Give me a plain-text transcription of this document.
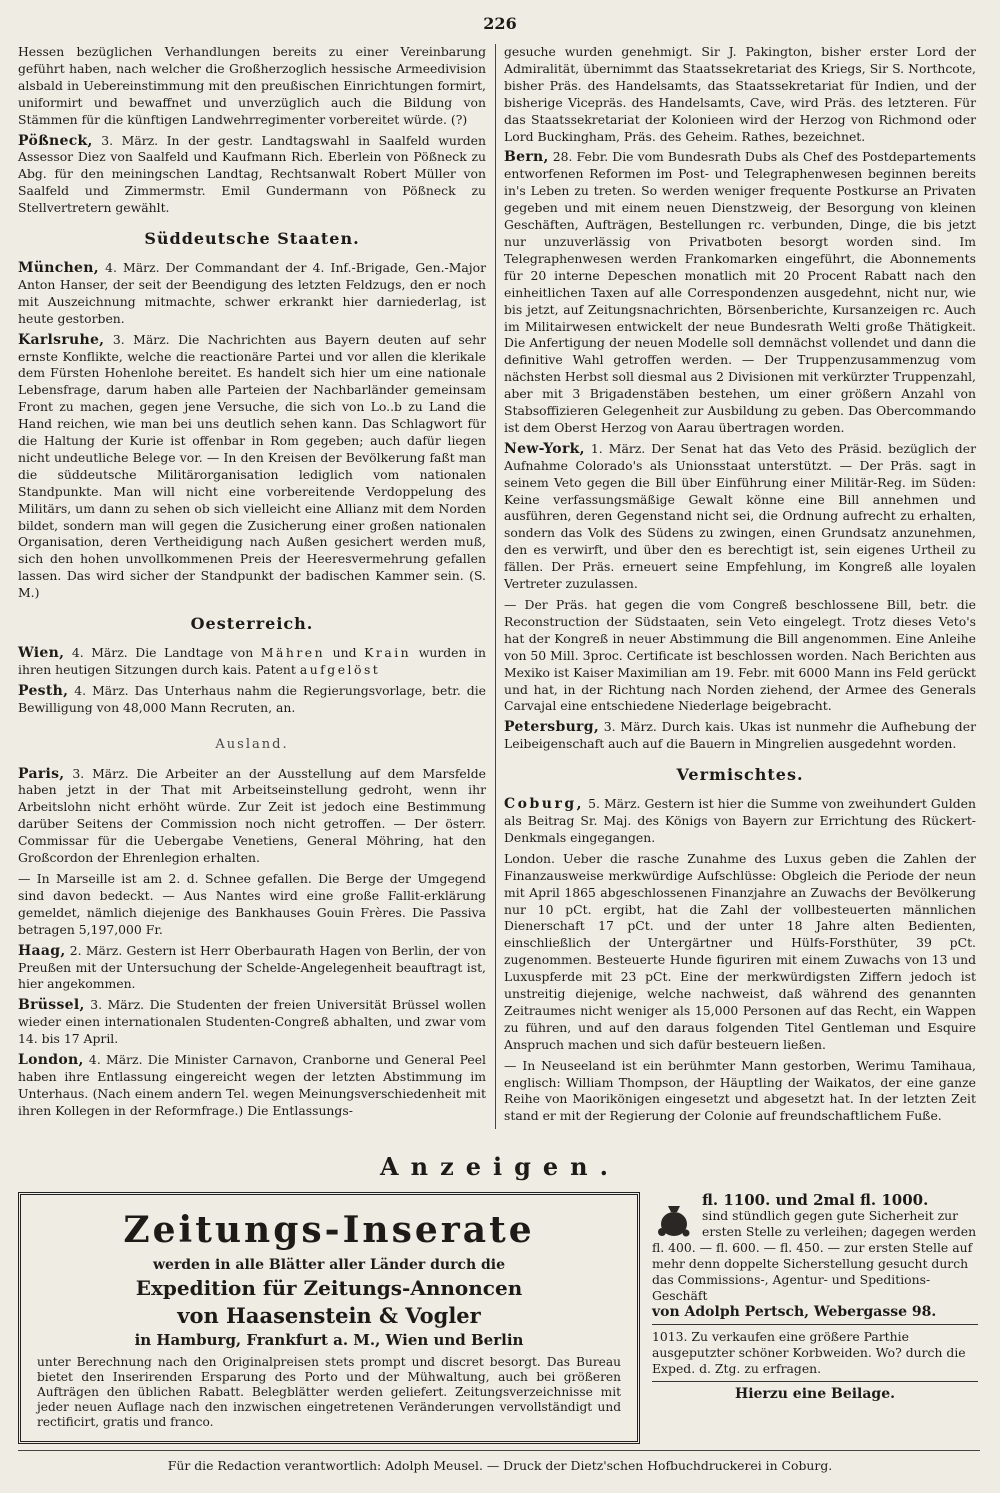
226

Hessen bezüglichen Verhandlungen bereits zu einer Vereinbarung geführt haben, nach welcher die Großherzoglich hessische Armeedivision alsbald in Uebereinstimmung mit den preußischen Einrichtungen formirt, uniformirt und bewaffnet und unverzüglich auch die Bildung von Stämmen für die künftigen Landwehrregimenter vorbereitet würde. (?)

Pößneck, 3. März. In der gestr. Landtagswahl in Saalfeld wurden Assessor Diez von Saalfeld und Kaufmann Rich. Eberlein von Pößneck zu Abg. für den meiningschen Landtag, Rechtsanwalt Robert Müller von Saalfeld und Zimmermstr. Emil Gundermann von Pößneck zu Stellvertretern gewählt.

Süddeutsche Staaten.

München, 4. März. Der Commandant der 4. Inf.-Brigade, Gen.-Major Anton Hanser, der seit der Beendigung des letzten Feldzugs, den er noch mit Auszeichnung mitmachte, schwer erkrankt hier darniederlag, ist heute gestorben.

Karlsruhe, 3. März. Die Nachrichten aus Bayern deuten auf sehr ernste Konflikte, welche die reactionäre Partei und vor allen die klerikale dem Fürsten Hohenlohe bereitet. Es handelt sich hier um eine nationale Lebensfrage, darum haben alle Parteien der Nachbarländer gemeinsam Front zu machen, gegen jene Versuche, die sich von Lo..b zu Land die Hand reichen, wie man bei uns deutlich sehen kann. Das Schlagwort für die Haltung der Kurie ist offenbar in Rom gegeben; auch dafür liegen nicht undeutliche Belege vor. — In den Kreisen der Bevölkerung faßt man die süddeutsche Militärorganisation lediglich vom nationalen Standpunkte. Man will nicht eine vorbereitende Verdoppelung des Militärs, um dann zu sehen ob sich vielleicht eine Allianz mit dem Norden bildet, sondern man will gegen die Zusicherung einer großen nationalen Organisation, deren Vertheidigung nach Außen gesichert werden muß, sich den hohen unvollkommenen Preis der Heeresvermehrung gefallen lassen. Das wird sicher der Standpunkt der badischen Kammer sein. (S. M.)

Oesterreich.

Wien, 4. März. Die Landtage von Mähren und Krain wurden in ihren heutigen Sitzungen durch kais. Patent aufgelöst

Pesth, 4. März. Das Unterhaus nahm die Regierungsvorlage, betr. die Bewilligung von 48,000 Mann Recruten, an.

Ausland.

Paris, 3. März. Die Arbeiter an der Ausstellung auf dem Marsfelde haben jetzt in der That mit Arbeitseinstellung gedroht, wenn ihr Arbeitslohn nicht erhöht würde. Zur Zeit ist jedoch eine Bestimmung darüber Seitens der Commission noch nicht getroffen. — Der österr. Commissar für die Uebergabe Venetiens, General Möhring, hat den Großcordon der Ehrenlegion erhalten.

— In Marseille ist am 2. d. Schnee gefallen. Die Berge der Umgegend sind davon bedeckt. — Aus Nantes wird eine große Fallit-erklärung gemeldet, nämlich diejenige des Bankhauses Gouin Frères. Die Passiva betragen 5,197,000 Fr.

Haag, 2. März. Gestern ist Herr Oberbaurath Hagen von Berlin, der von Preußen mit der Untersuchung der Schelde-Angelegenheit beauftragt ist, hier angekommen.

Brüssel, 3. März. Die Studenten der freien Universität Brüssel wollen wieder einen internationalen Studenten-Congreß abhalten, und zwar vom 14. bis 17 April.

London, 4. März. Die Minister Carnavon, Cranborne und General Peel haben ihre Entlassung eingereicht wegen der letzten Abstimmung im Unterhaus. (Nach einem andern Tel. wegen Meinungsverschiedenheit mit ihren Kollegen in der Reformfrage.) Die Entlassungs-

gesuche wurden genehmigt. Sir J. Pakington, bisher erster Lord der Admiralität, übernimmt das Staatssekretariat des Kriegs, Sir S. Northcote, bisher Präs. des Handelsamts, das Staatssekretariat für Indien, und der bisherige Vicepräs. des Handelsamts, Cave, wird Präs. des letzteren. Für das Staatssekretariat der Kolonieen wird der Herzog von Richmond oder Lord Buckingham, Präs. des Geheim. Rathes, bezeichnet.

Bern, 28. Febr. Die vom Bundesrath Dubs als Chef des Postdepartements entworfenen Reformen im Post- und Telegraphenwesen beginnen bereits in's Leben zu treten. So werden weniger frequente Postkurse an Privaten gegeben und mit einem neuen Dienstzweig, der Besorgung von kleinen Geschäften, Aufträgen, Bestellungen rc. verbunden, Dinge, die bis jetzt nur unzuverlässig von Privatboten besorgt worden sind. Im Telegraphenwesen werden Frankomarken eingeführt, die Abonnements für 20 interne Depeschen monatlich mit 20 Procent Rabatt nach den einheitlichen Taxen auf alle Correspondenzen ausgedehnt, nicht nur, wie bis jetzt, auf Zeitungsnachrichten, Börsenberichte, Kursanzeigen rc. Auch im Militairwesen entwickelt der neue Bundesrath Welti große Thätigkeit. Die Anfertigung der neuen Modelle soll demnächst vollendet und dann die definitive Wahl getroffen werden. — Der Truppenzusammenzug vom nächsten Herbst soll diesmal aus 2 Divisionen mit verkürzter Truppenzahl, aber mit 3 Brigadenstäben bestehen, um einer größern Anzahl von Stabsoffizieren Gelegenheit zur Ausbildung zu geben. Das Obercommando ist dem Oberst Herzog von Aarau übertragen worden.

New-York, 1. März. Der Senat hat das Veto des Präsid. bezüglich der Aufnahme Colorado's als Unionsstaat unterstützt. — Der Präs. sagt in seinem Veto gegen die Bill über Einführung einer Militär-Reg. im Süden: Keine verfassungsmäßige Gewalt könne eine Bill annehmen und ausführen, deren Gegenstand nicht sei, die Ordnung aufrecht zu erhalten, sondern das Volk des Südens zu zwingen, einen Grundsatz anzunehmen, den es verwirft, und über den es berechtigt ist, sein eigenes Urtheil zu fällen. Der Präs. erneuert seine Empfehlung, im Kongreß alle loyalen Vertreter zuzulassen.

— Der Präs. hat gegen die vom Congreß beschlossene Bill, betr. die Reconstruction der Südstaaten, sein Veto eingelegt. Trotz dieses Veto's hat der Kongreß in neuer Abstimmung die Bill angenommen. Eine Anleihe von 50 Mill. 3proc. Certificate ist beschlossen worden. Nach Berichten aus Mexiko ist Kaiser Maximilian am 19. Febr. mit 6000 Mann ins Feld gerückt und hat, in der Richtung nach Norden ziehend, der Armee des Generals Carvajal eine entschiedene Niederlage beigebracht.

Petersburg, 3. März. Durch kais. Ukas ist nunmehr die Aufhebung der Leibeigenschaft auch auf die Bauern in Mingrelien ausgedehnt worden.

Vermischtes.

Coburg, 5. März. Gestern ist hier die Summe von zweihundert Gulden als Beitrag Sr. Maj. des Königs von Bayern zur Errichtung des Rückert-Denkmals eingegangen.

London. Ueber die rasche Zunahme des Luxus geben die Zahlen der Finanzausweise merkwürdige Aufschlüsse: Obgleich die Periode der neun mit April 1865 abgeschlossenen Finanzjahre an Zuwachs der Bevölkerung nur 10 pCt. ergibt, hat die Zahl der vollbesteuerten männlichen Dienerschaft 17 pCt. und der unter 18 Jahre alten Bedienten, einschließlich der Untergärtner und Hülfs-Forsthüter, 39 pCt. zugenommen. Besteuerte Hunde figuriren mit einem Zuwachs von 13 und Luxuspferde mit 23 pCt. Eine der merkwürdigsten Ziffern jedoch ist unstreitig diejenige, welche nachweist, daß während des genannten Zeitraumes nicht weniger als 15,000 Personen auf das Recht, ein Wappen zu führen, und auf den daraus folgenden Titel Gentleman und Esquire Anspruch machen und sich dafür besteuern ließen.

— In Neuseeland ist ein berühmter Mann gestorben, Werimu Tamihaua, englisch: William Thompson, der Häuptling der Waikatos, der eine ganze Reihe von Maorikönigen eingesetzt und abgesetzt hat. In der letzten Zeit stand er mit der Regierung der Colonie auf freundschaftlichem Fuße.

Anzeigen.
Zeitungs-Inserate
werden in alle Blätter aller Länder durch die
Expedition für Zeitungs-Annoncen
von Haasenstein & Vogler
in Hamburg, Frankfurt a. M., Wien und Berlin
unter Berechnung nach den Originalpreisen stets prompt und discret besorgt. Das Bureau bietet den Inserirenden Ersparung des Porto und der Mühwaltung, auch bei größeren Aufträgen den üblichen Rabatt. Belegblätter werden geliefert. Zeitungsverzeichnisse mit jeder neuen Auflage nach den inzwischen eingetretenen Veränderungen vervollständigt und rectificirt, gratis und franco.
fl. 1100. und 2mal fl. 1000.
sind stündlich gegen gute Sicherheit zur ersten Stelle zu verleihen; dagegen werden fl. 400. — fl. 600. — fl. 450. — zur ersten Stelle auf mehr denn doppelte Sicherstellung gesucht durch das Commissions-, Agentur- und Speditions-Geschäft
von Adolph Pertsch, Webergasse 98.
1013. Zu verkaufen eine größere Parthie ausgeputzter schöner Korbweiden. Wo? durch die Exped. d. Ztg. zu erfragen.
Hierzu eine Beilage.
Für die Redaction verantwortlich: Adolph Meusel. — Druck der Dietz'schen Hofbuchdruckerei in Coburg.
